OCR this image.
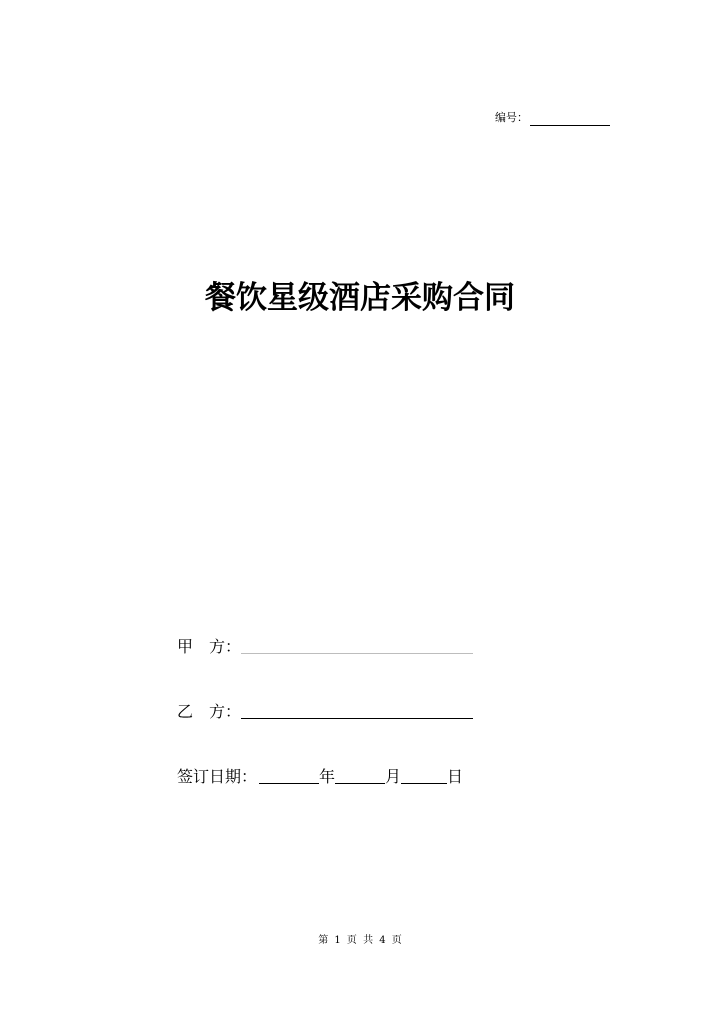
编号：
餐饮星级酒店采购合同
甲　方：
乙　方：
签订日期：	年	月	日
第 1 页 共 4 页
